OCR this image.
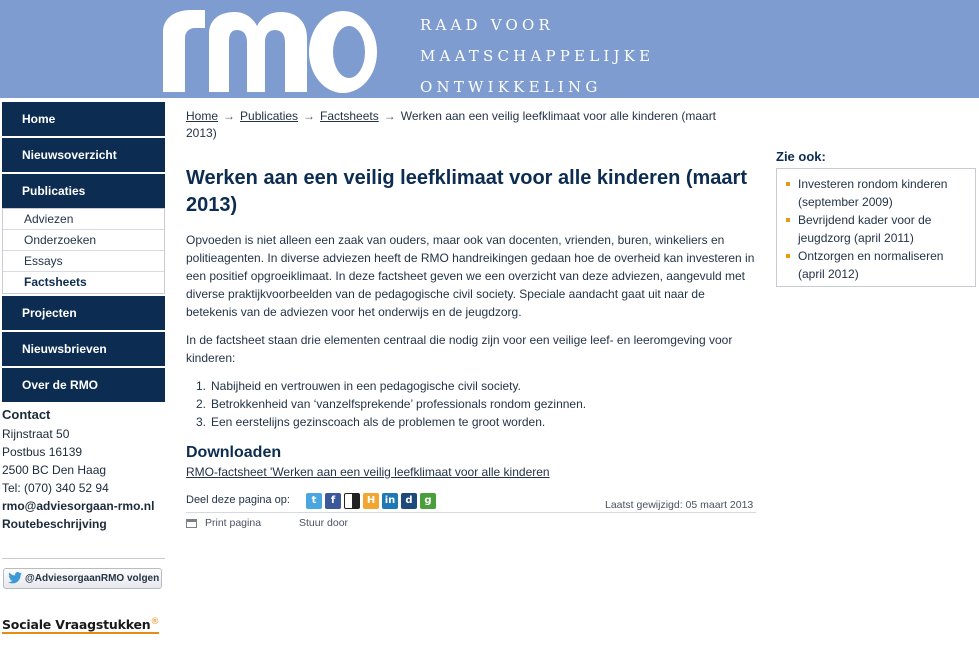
RAAD VOOR
MAATSCHAPPELIJKE
ONTWIKKELING
Home
Nieuwsoverzicht
Publicaties
Adviezen
Onderzoeken
Essays
Factsheets
Projecten
Nieuwsbrieven
Over de RMO
Contact
Rijnstraat 50
Postbus 16139
2500 BC Den Haag
Tel: (070) 340 52 94
rmo@adviesorgaan-rmo.nl
Routebeschrijving
@AdviesorgaanRMO volgen
Sociale Vraagstukken®
Home → Publicaties → Factsheets → Werken aan een veilig leefklimaat voor alle kinderen (maart 2013)
Werken aan een veilig leefklimaat voor alle kinderen (maart 2013)

Opvoeden is niet alleen een zaak van ouders, maar ook van docenten, vrienden, buren, winkeliers en politieagenten. In diverse adviezen heeft de RMO handreikingen gedaan hoe de overheid kan investeren in een positief opgroeiklimaat. In deze factsheet geven we een overzicht van deze adviezen, aangevuld met diverse praktijkvoorbeelden van de pedagogische civil society. Speciale aandacht gaat uit naar de betekenis van de adviezen voor het onderwijs en de jeugdzorg.

In de factsheet staan drie elementen centraal die nodig zijn voor een veilige leef- en leeromgeving voor kinderen:

1. Nabijheid en vertrouwen in een pedagogische civil society.
2. Betrokkenheid van ‘vanzelfsprekende’ professionals rondom gezinnen.
3. Een eerstelijns gezinscoach als de problemen te groot worden.
Downloaden
RMO-factsheet 'Werken aan een veilig leefklimaat voor alle kinderen
Deel deze pagina op:	t	f	H in	d	g	Laatst gewijzigd: 05 maart 2013
Print pagina	Stuur door
Zie ook:
Investeren rondom kinderen (september 2009)
Bevrijdend kader voor de jeugdzorg (april 2011)
Ontzorgen en normaliseren (april 2012)
